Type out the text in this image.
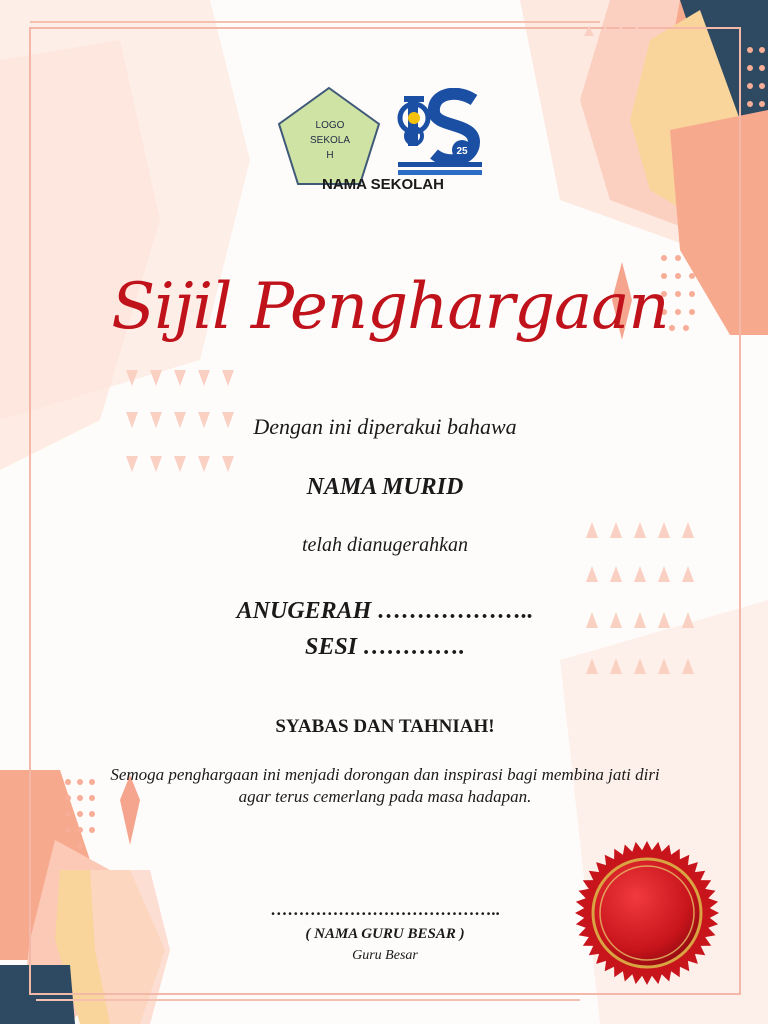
LOGO
SEKOLA
H	25
NAMA SEKOLAH
Sijil Penghargaan
Dengan ini diperakui bahawa
NAMA MURID
telah dianugerahkan
ANUGERAH ………………..
SESI ………….
SYABAS DAN TAHNIAH!
Semoga penghargaan ini menjadi dorongan dan inspirasi bagi membina jati diri agar terus cemerlang pada masa hadapan.
…………………………………..
( NAMA GURU BESAR )
Guru Besar
